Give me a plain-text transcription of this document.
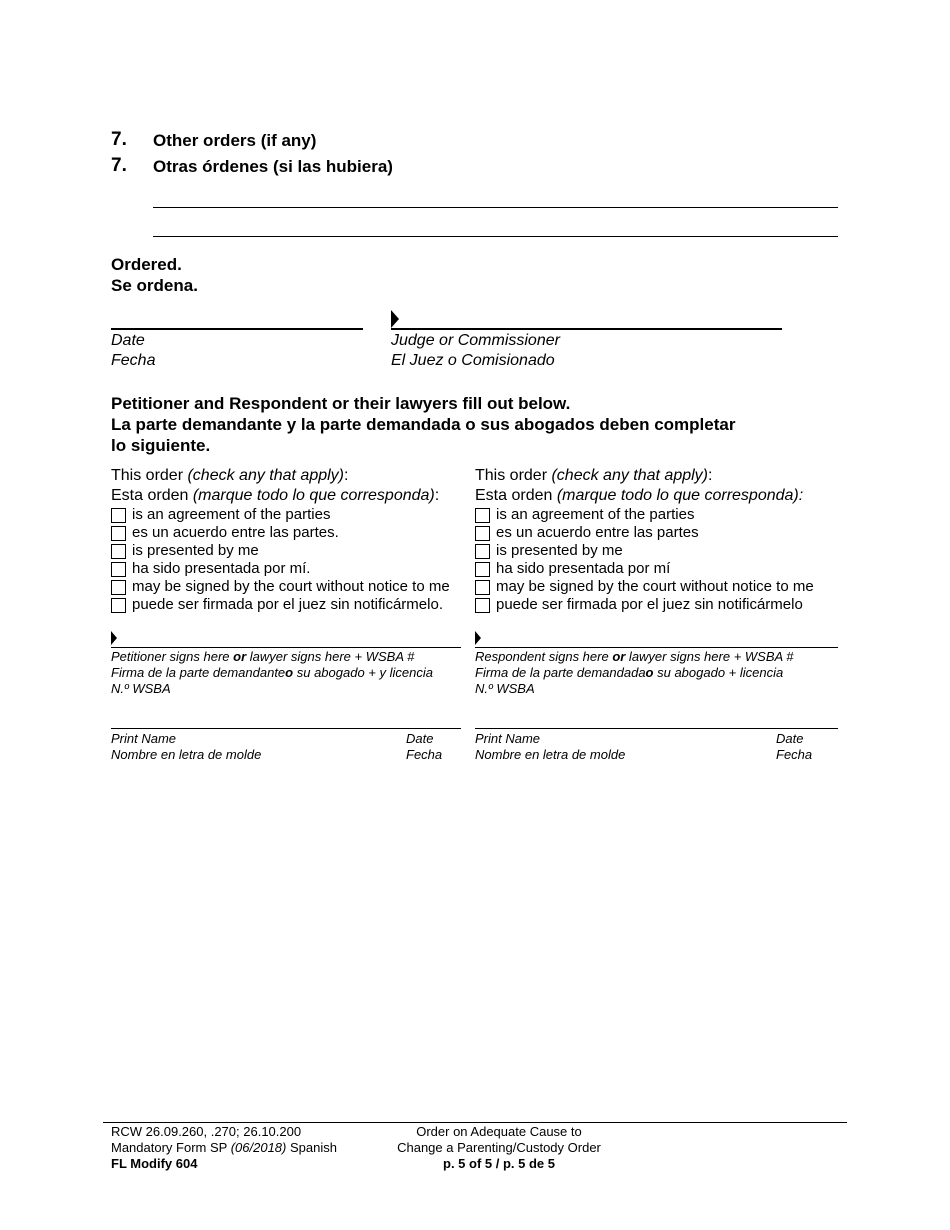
7. Other orders (if any)
7. Otras órdenes (si las hubiera)
Ordered.
Se ordena.
Date
Fecha
Judge or Commissioner
El Juez o Comisionado
Petitioner and Respondent or their lawyers fill out below.
La parte demandante y la parte demandada o sus abogados deben completar
lo siguiente.
This order (check any that apply):
Esta orden (marque todo lo que corresponda):
is an agreement of the parties
es un acuerdo entre las partes.
is presented by me
ha sido presentada por mí.
may be signed by the court without notice to me
puede ser firmada por el juez sin notificármelo.
This order (check any that apply):
Esta orden (marque todo lo que corresponda):
is an agreement of the parties
es un acuerdo entre las partes
is presented by me
ha sido presentada por mí
may be signed by the court without notice to me
puede ser firmada por el juez sin notificármelo
Petitioner signs here or lawyer signs here + WSBA #
Firma de la parte demandanteo su abogado + y licencia
N.º WSBA
Respondent signs here or lawyer signs here + WSBA #
Firma de la parte demandadao su abogado + licencia
N.º WSBA
Print Name
Nombre en letra de molde
Date
Fecha
Print Name
Nombre en letra de molde
Date
Fecha
RCW 26.09.260, .270; 26.10.200
Mandatory Form SP (06/2018) Spanish
FL Modify 604
Order on Adequate Cause to
Change a Parenting/Custody Order
p. 5 of 5 / p. 5 de 5
